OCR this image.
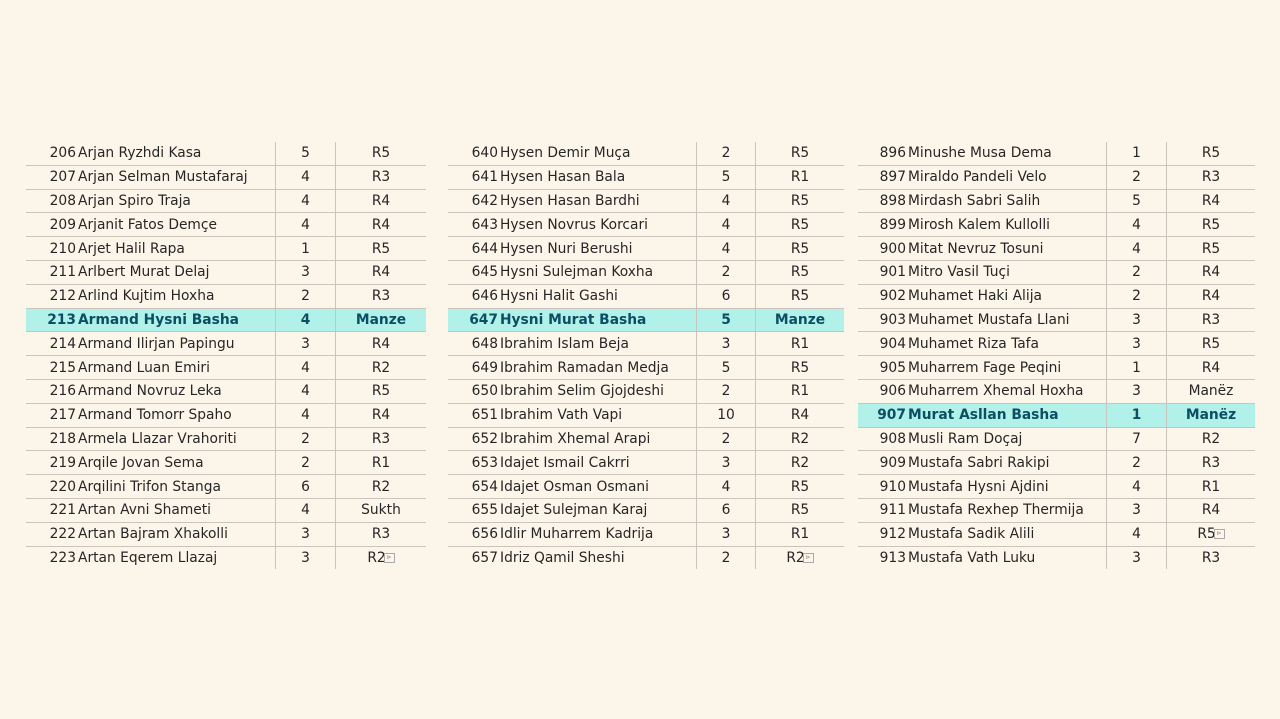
206	Arjan Ryzhdi Kasa	5	R5
207	Arjan Selman Mustafaraj	4	R3
208	Arjan Spiro Traja	4	R4
209	Arjanit Fatos Demçe	4	R4
210	Arjet Halil Rapa	1	R5
211	Arlbert Murat Delaj	3	R4
212	Arlind Kujtim Hoxha	2	R3
213	Armand Hysni Basha	4	Manze
214	Armand Ilirjan Papingu	3	R4
215	Armand Luan Emiri	4	R2
216	Armand Novruz Leka	4	R5
217	Armand Tomorr Spaho	4	R4
218	Armela Llazar Vrahoriti	2	R3
219	Arqile Jovan Sema	2	R1
220	Arqilini Trifon Stanga	6	R2
221	Artan Avni Shameti	4	Sukth
222	Artan Bajram Xhakolli	3	R3
223	Artan Eqerem Llazaj	3	R2⊳
640	Hysen Demir Muça	2	R5
641	Hysen Hasan Bala	5	R1
642	Hysen Hasan Bardhi	4	R5
643	Hysen Novrus Korcari	4	R5
644	Hysen Nuri Berushi	4	R5
645	Hysni Sulejman Koxha	2	R5
646	Hysni Halit Gashi	6	R5
647	Hysni Murat Basha	5	Manze
648	Ibrahim Islam Beja	3	R1
649	Ibrahim Ramadan Medja	5	R5
650	Ibrahim Selim Gjojdeshi	2	R1
651	Ibrahim Vath Vapi	10	R4
652	Ibrahim Xhemal Arapi	2	R2
653	Idajet Ismail Cakrri	3	R2
654	Idajet Osman Osmani	4	R5
655	Idajet Sulejman Karaj	6	R5
656	Idlir Muharrem Kadrija	3	R1
657	Idriz Qamil Sheshi	2	R2⊳
896	Minushe Musa Dema	1	R5
897	Miraldo Pandeli Velo	2	R3
898	Mirdash Sabri Salih	5	R4
899	Mirosh Kalem Kullolli	4	R5
900	Mitat Nevruz Tosuni	4	R5
901	Mitro Vasil Tuçi	2	R4
902	Muhamet Haki Alija	2	R4
903	Muhamet Mustafa Llani	3	R3
904	Muhamet Riza Tafa	3	R5
905	Muharrem Fage Peqini	1	R4
906	Muharrem Xhemal Hoxha	3	Manëz
907	Murat Asllan Basha	1	Manëz
908	Musli Ram Doçaj	7	R2
909	Mustafa Sabri Rakipi	2	R3
910	Mustafa Hysni Ajdini	4	R1
911	Mustafa Rexhep Thermija	3	R4
912	Mustafa Sadik Alili	4	R5⊳
913	Mustafa Vath Luku	3	R3
